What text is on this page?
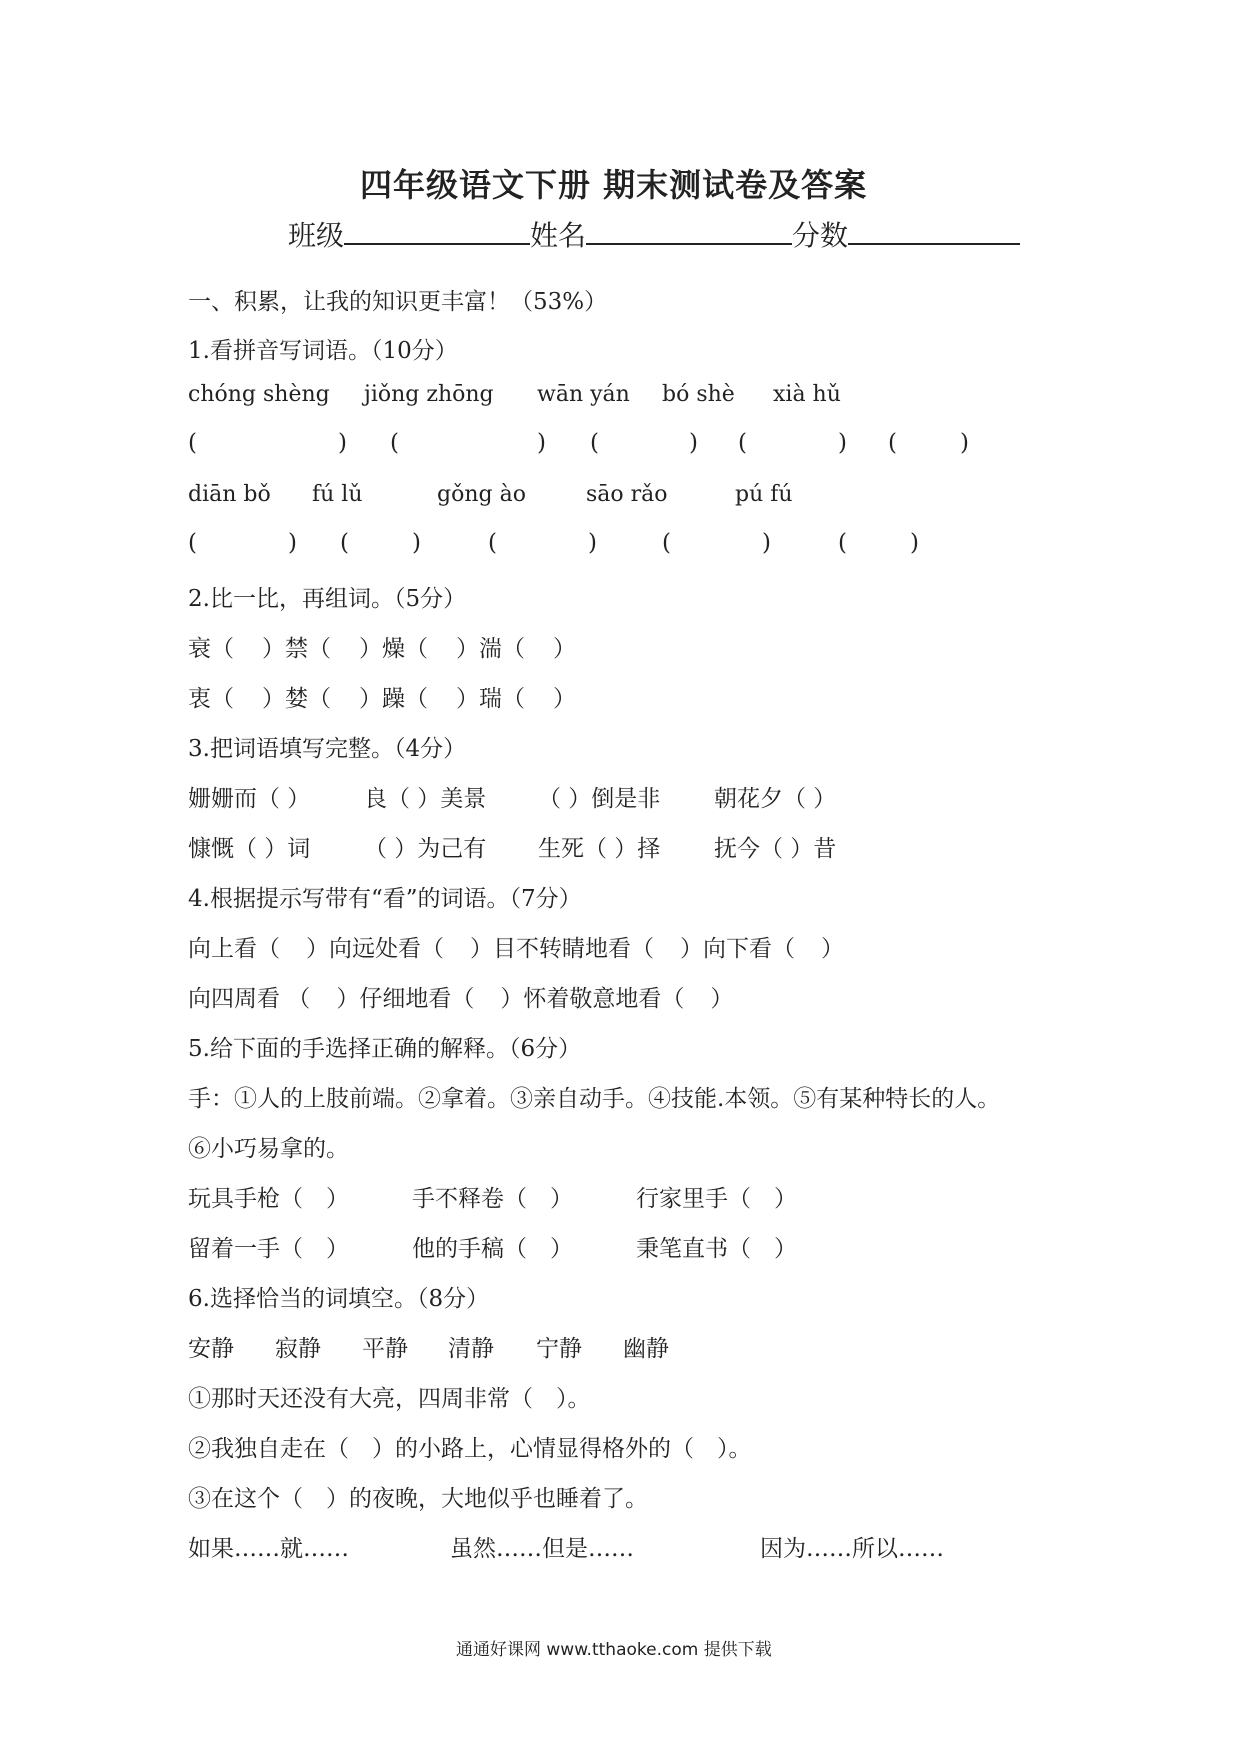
四年级语文下册 期末测试卷及答案
班级	姓名	分数
一、积累，让我的知识更丰富！（53%）
1.看拼音写词语。（10分）
chóng shèng jiǒng zhōng wān yán bó shè xià hǔ
(	) (	) (	) (	) (	)
diān bǒ fú lǔ	gǒng ào	sāo rǎo	pú fú
(	) (	)	(	)	(	)	(	)
2.比一比，再组词。（5分）
衰（ ）禁（ ）燥（ ）湍（ ）
衷（ ）婪（ ）躁（ ）瑞（ ）
3.把词语填写完整。（4分）
姗姗而（ ） 良（ ）美景 （ ）倒是非 朝花夕（ ）
慷慨（ ）词 （ ）为己有 生死（ ）择 抚今（ ）昔
4.根据提示写带有“看”的词语。（7分）
向上看（ ）向远处看（ ）目不转睛地看（ ）向下看（ ）
向四周看 （ ）仔细地看（ ）怀着敬意地看（ ）
5.给下面的手选择正确的解释。（6分）
手：①人的上肢前端。②拿着。③亲自动手。④技能.本领。⑤有某种特长的人。
⑥小巧易拿的。
玩具手枪（　）	手不释卷（　）	行家里手（　）
留着一手（　）	他的手稿（　）	秉笔直书（　）
6.选择恰当的词填空。（8分）
安静 寂静 平静 清静 宁静 幽静
①那时天还没有大亮，四周非常（　）。
②我独自走在（　）的小路上，心情显得格外的（　）。
③在这个（　）的夜晚，大地似乎也睡着了。
如果……就……	虽然……但是……	因为……所以……
通通好课网 www.tthaoke.com 提供下载
